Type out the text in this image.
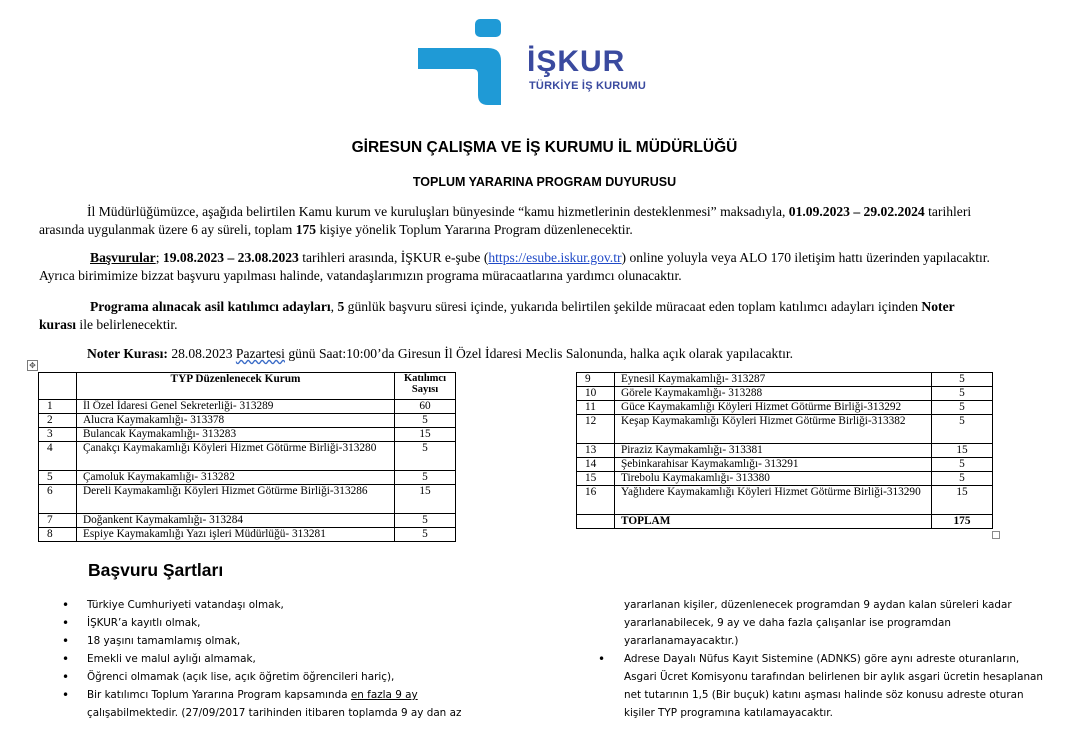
İŞKUR
TÜRKİYE İŞ KURUMU
GİRESUN ÇALIŞMA VE İŞ KURUMU İL MÜDÜRLÜĞÜ
TOPLUM YARARINA PROGRAM DUYURUSU
İl Müdürlüğümüzce, aşağıda belirtilen Kamu kurum ve kuruluşları bünyesinde “kamu hizmetlerinin desteklenmesi” maksadıyla, 01.09.2023 – 29.02.2024 tarihleri
arasında uygulanmak üzere 6 ay süreli, toplam 175 kişiye yönelik Toplum Yararına Program düzenlenecektir.
Başvurular; 19.08.2023 – 23.08.2023 tarihleri arasında, İŞKUR e-şube (https://esube.iskur.gov.tr) online yoluyla veya ALO 170 iletişim hattı üzerinden yapılacaktır.
Ayrıca birimimize bizzat başvuru yapılması halinde, vatandaşlarımızın programa müracaatlarına yardımcı olunacaktır.
Programa alınacak asil katılımcı adayları, 5 günlük başvuru süresi içinde, yukarıda belirtilen şekilde müracaat eden toplam katılımcı adayları içinden Noter
kurası ile belirlenecektir.
Noter Kurası: 28.08.2023 Pazartesi günü Saat:10:00’da Giresun İl Özel İdaresi Meclis Salonunda, halka açık olarak yapılacaktır.
✥
	TYP Düzenlenecek Kurum	Katılımcı
Sayısı

1	İl Özel İdaresi Genel Sekreterliği- 313289	60
2	Alucra Kaymakamlığı- 313378	5
3	Bulancak Kaymakamlığı- 313283	15
4	Çanakçı Kaymakamlığı Köyleri Hizmet Götürme Birliği-313280	5
5	Çamoluk Kaymakamlığı- 313282	5
6	Dereli Kaymakamlığı Köyleri Hizmet Götürme Birliği-313286	15
7	Doğankent Kaymakamlığı- 313284	5
8	Espiye Kaymakamlığı Yazı işleri Müdürlüğü- 313281	5
9	Eynesil Kaymakamlığı- 313287	5
10	Görele Kaymakamlığı- 313288	5
11	Güce Kaymakamlığı Köyleri Hizmet Götürme Birliği-313292	5
12	Keşap Kaymakamlığı Köyleri Hizmet Götürme Birliği-313382	5
13	Piraziz Kaymakamlığı- 313381	15
14	Şebinkarahisar Kaymakamlığı- 313291	5
15	Tirebolu Kaymakamlığı- 313380	5
16	Yağlıdere Kaymakamlığı Köyleri Hizmet Götürme Birliği-313290	15
	TOPLAM	175
Başvuru Şartları
•	Türkiye Cumhuriyeti vatandaşı olmak,
•	İŞKUR’a kayıtlı olmak,
•	18 yaşını tamamlamış olmak,
•	Emekli ve malul aylığı almamak,
•	Öğrenci olmamak (açık lise, açık öğretim öğrencileri hariç),
•	Bir katılımcı Toplum Yararına Program kapsamında en fazla 9 ay
çalışabilmektedir. (27/09/2017 tarihinden itibaren toplamda 9 ay dan az
yararlanan kişiler, düzenlenecek programdan 9 aydan kalan süreleri kadar
yararlanabilecek, 9 ay ve daha fazla çalışanlar ise programdan
yararlanamayacaktır.)
• Adrese Dayalı Nüfus Kayıt Sistemine (ADNKS) göre aynı adreste oturanların,
Asgari Ücret Komisyonu tarafından belirlenen bir aylık asgari ücretin hesaplanan
net tutarının 1,5 (Bir buçuk) katını aşması halinde söz konusu adreste oturan
kişiler TYP programına katılamayacaktır.
